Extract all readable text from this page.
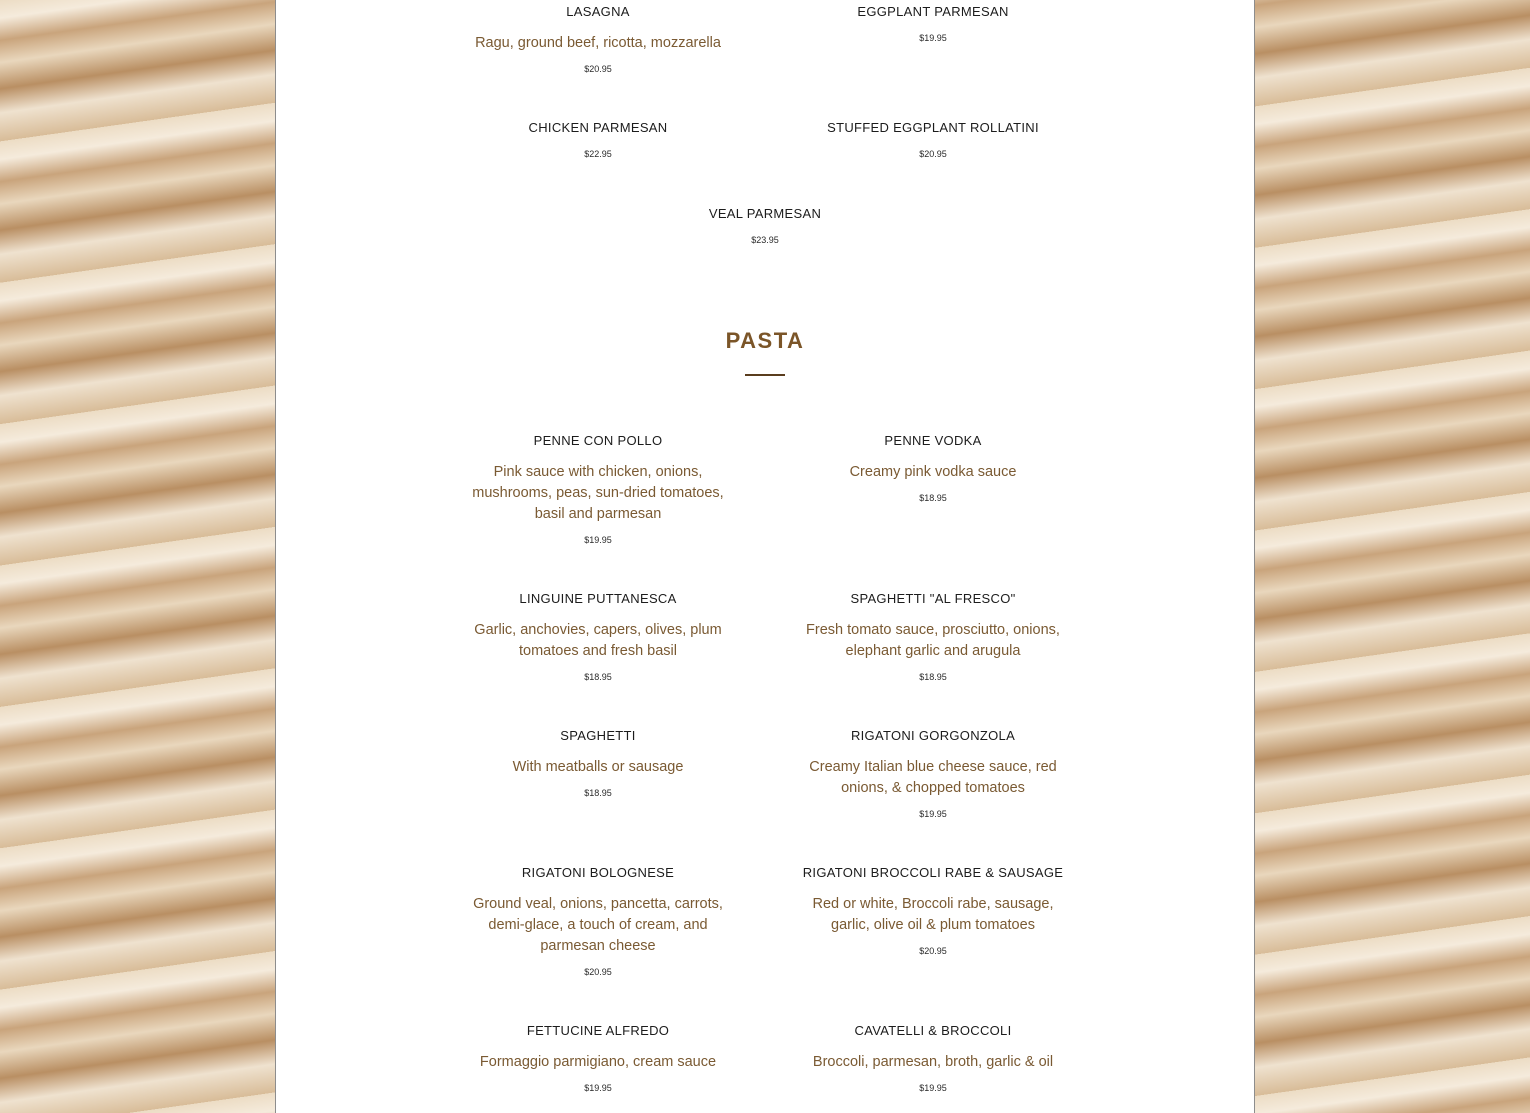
LASAGNA
Ragu, ground beef, ricotta, mozzarella
$20.95
EGGPLANT PARMESAN
$19.95
CHICKEN PARMESAN
$22.95
STUFFED EGGPLANT ROLLATINI
$20.95
VEAL PARMESAN
$23.95
PASTA
PENNE CON POLLO
Pink sauce with chicken, onions, mushrooms, peas, sun-dried tomatoes, basil and parmesan
$19.95
PENNE VODKA
Creamy pink vodka sauce
$18.95
LINGUINE PUTTANESCA
Garlic, anchovies, capers, olives, plum tomatoes and fresh basil
$18.95
SPAGHETTI "AL FRESCO"
Fresh tomato sauce, prosciutto, onions, elephant garlic and arugula
$18.95
SPAGHETTI
With meatballs or sausage
$18.95
RIGATONI GORGONZOLA
Creamy Italian blue cheese sauce, red onions, & chopped tomatoes
$19.95
RIGATONI BOLOGNESE
Ground veal, onions, pancetta, carrots, demi-glace, a touch of cream, and parmesan cheese
$20.95
RIGATONI BROCCOLI RABE & SAUSAGE
Red or white, Broccoli rabe, sausage, garlic, olive oil & plum tomatoes
$20.95
FETTUCINE ALFREDO
Formaggio parmigiano, cream sauce
$19.95
CAVATELLI & BROCCOLI
Broccoli, parmesan, broth, garlic & oil
$19.95
